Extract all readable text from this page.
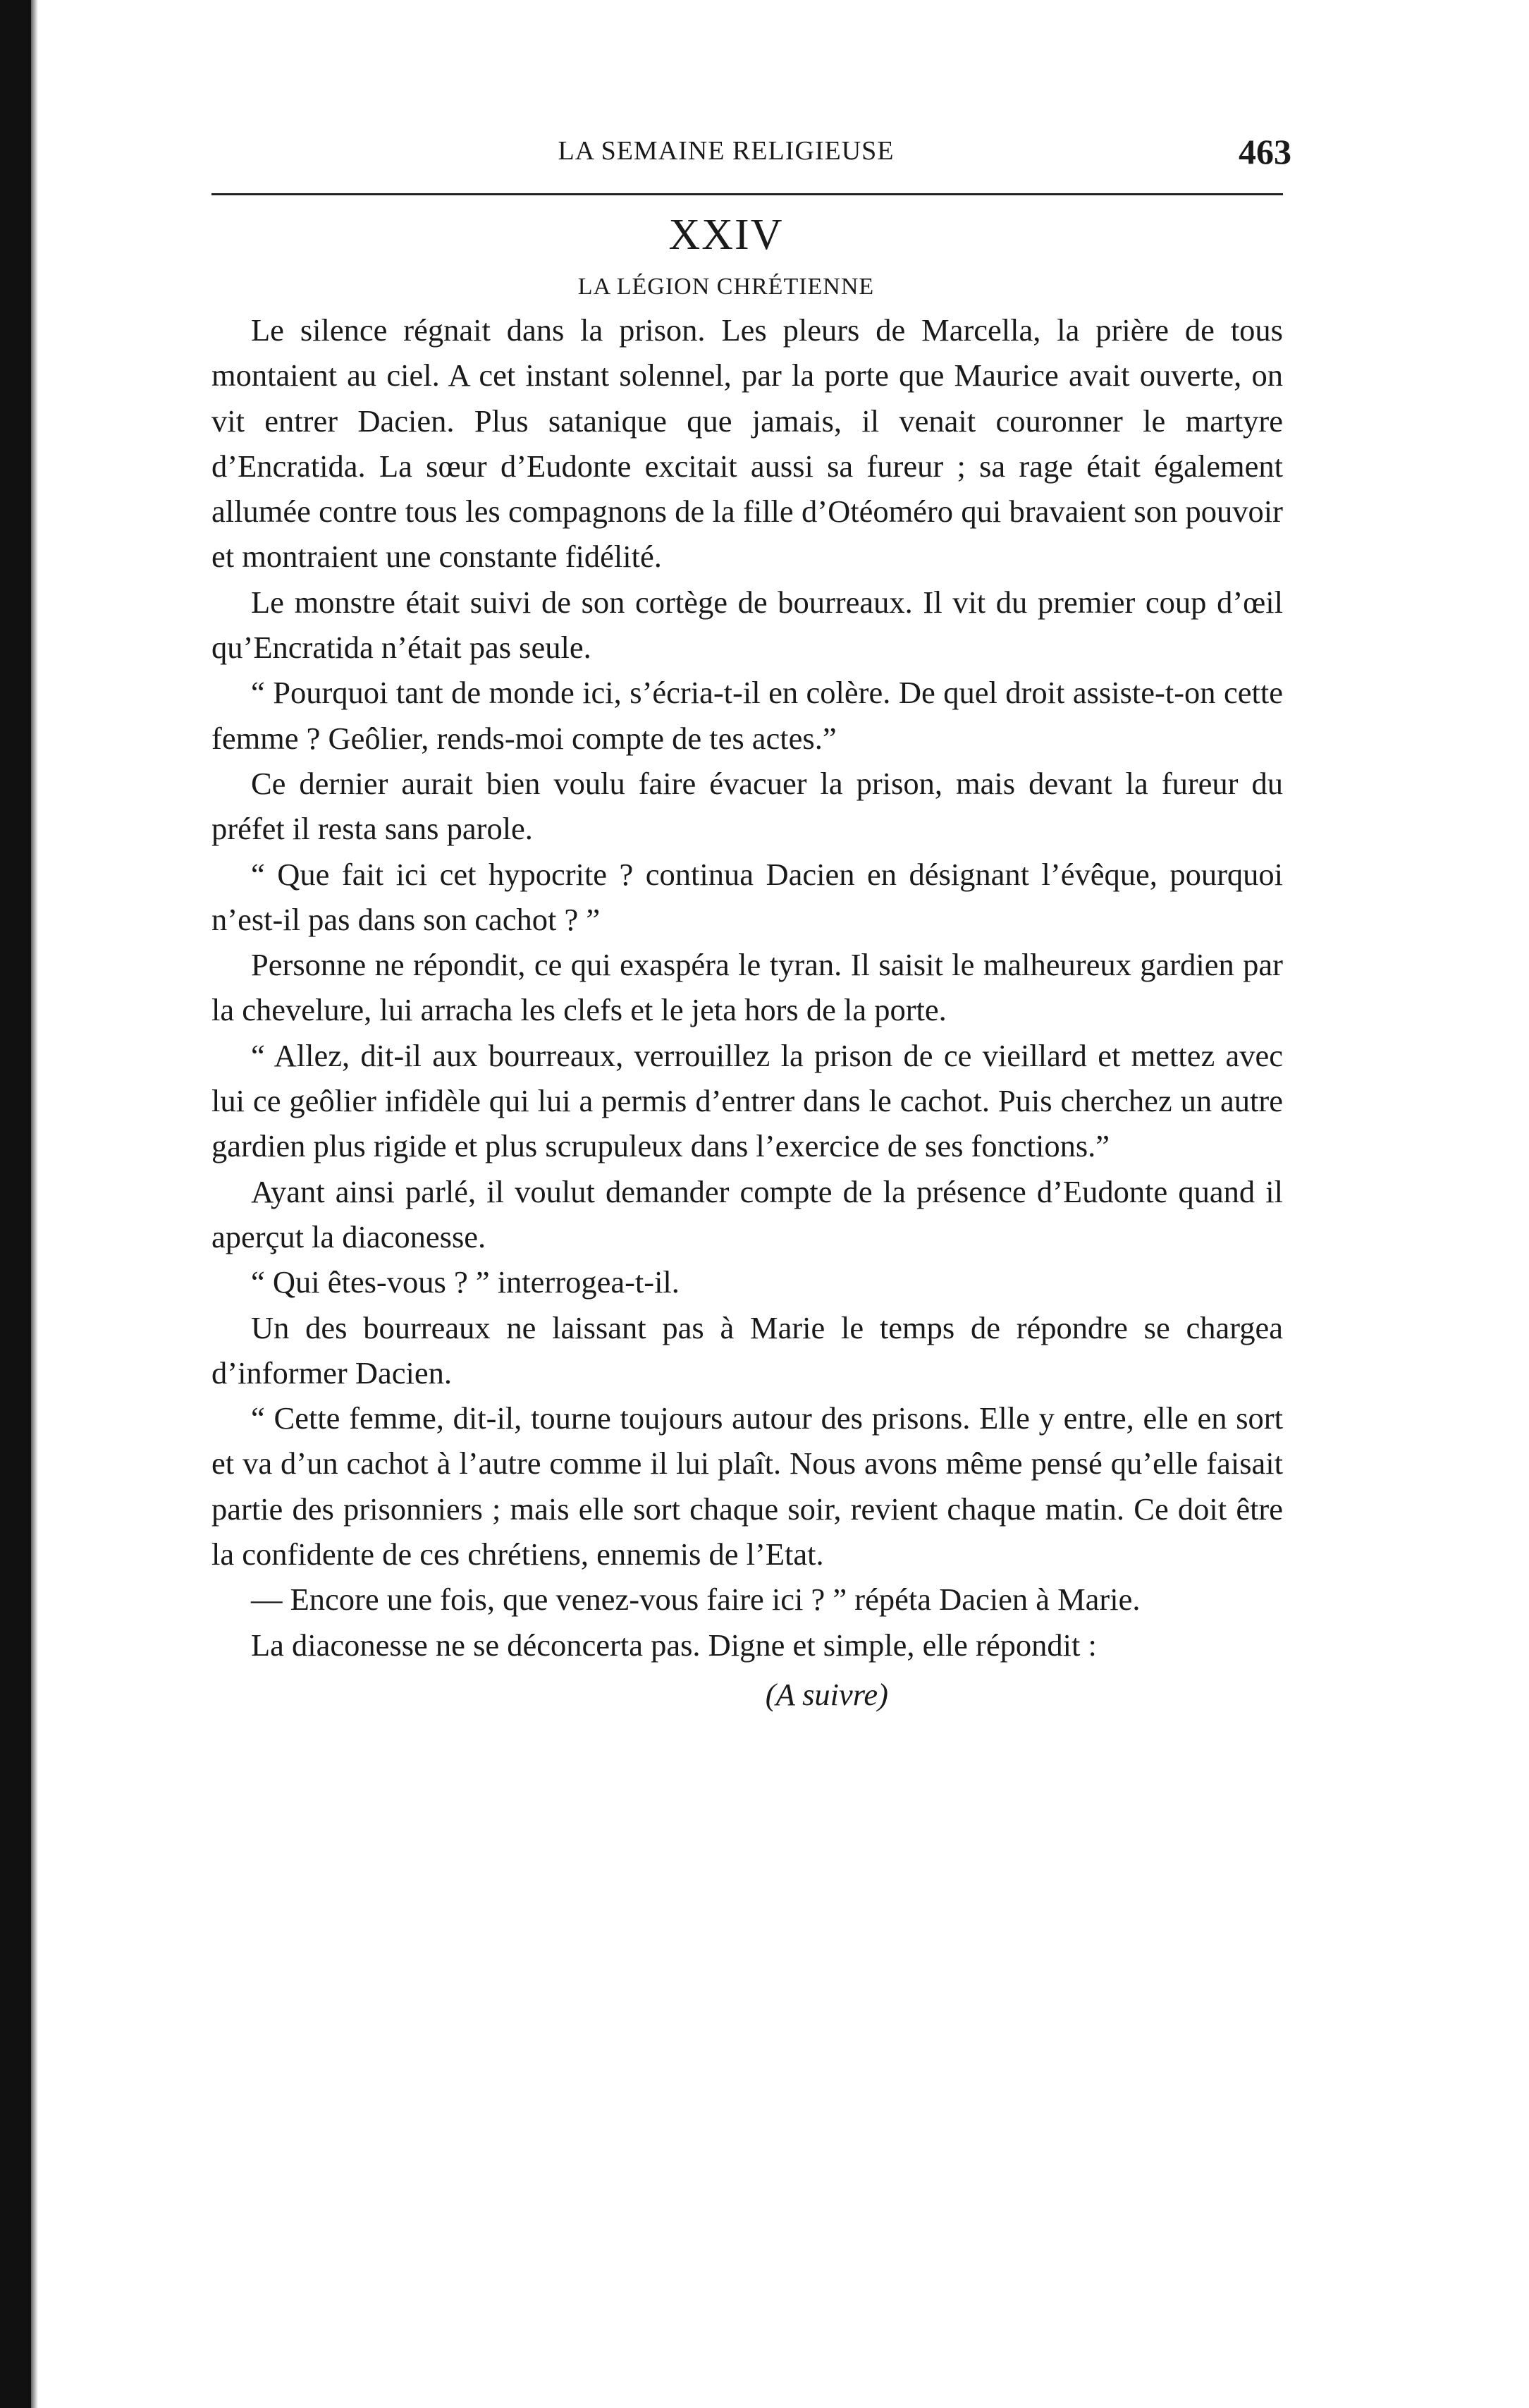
LA SEMAINE RELIGIEUSE	463
XXIV
LA LÉGION CHRÉTIENNE

Le silence régnait dans la prison. Les pleurs de Marcella, la prière de tous montaient au ciel. A cet instant solennel, par la porte que Maurice avait ouverte, on vit entrer Dacien. Plus satanique que jamais, il venait couronner le martyre d’Encratida. La sœur d’Eudonte excitait aussi sa fureur ; sa rage était également allumée contre tous les compagnons de la fille d’Otéoméro qui bravaient son pouvoir et montraient une constante fidélité.

Le monstre était suivi de son cortège de bourreaux. Il vit du premier coup d’œil qu’Encratida n’était pas seule.

“ Pourquoi tant de monde ici, s’écria-t-il en colère. De quel droit assiste-t-on cette femme ? Geôlier, rends-moi compte de tes actes.”

Ce dernier aurait bien voulu faire évacuer la prison, mais devant la fureur du préfet il resta sans parole.

“ Que fait ici cet hypocrite ? continua Dacien en désignant l’évêque, pourquoi n’est-il pas dans son cachot ? ”

Personne ne répondit, ce qui exaspéra le tyran. Il saisit le malheureux gardien par la chevelure, lui arracha les clefs et le jeta hors de la porte.

“ Allez, dit-il aux bourreaux, verrouillez la prison de ce vieillard et mettez avec lui ce geôlier infidèle qui lui a permis d’entrer dans le cachot. Puis cherchez un autre gardien plus rigide et plus scrupuleux dans l’exercice de ses fonctions.”

Ayant ainsi parlé, il voulut demander compte de la présence d’Eudonte quand il aperçut la diaconesse.

“ Qui êtes-vous ? ” interrogea-t-il.

Un des bourreaux ne laissant pas à Marie le temps de répondre se chargea d’informer Dacien.

“ Cette femme, dit-il, tourne toujours autour des prisons. Elle y entre, elle en sort et va d’un cachot à l’autre comme il lui plaît. Nous avons même pensé qu’elle faisait partie des prisonniers ; mais elle sort chaque soir, revient chaque matin. Ce doit être la confidente de ces chrétiens, ennemis de l’Etat.

— Encore une fois, que venez-vous faire ici ? ” répéta Dacien à Marie.

La diaconesse ne se déconcerta pas. Digne et simple, elle répondit :

(A suivre)
